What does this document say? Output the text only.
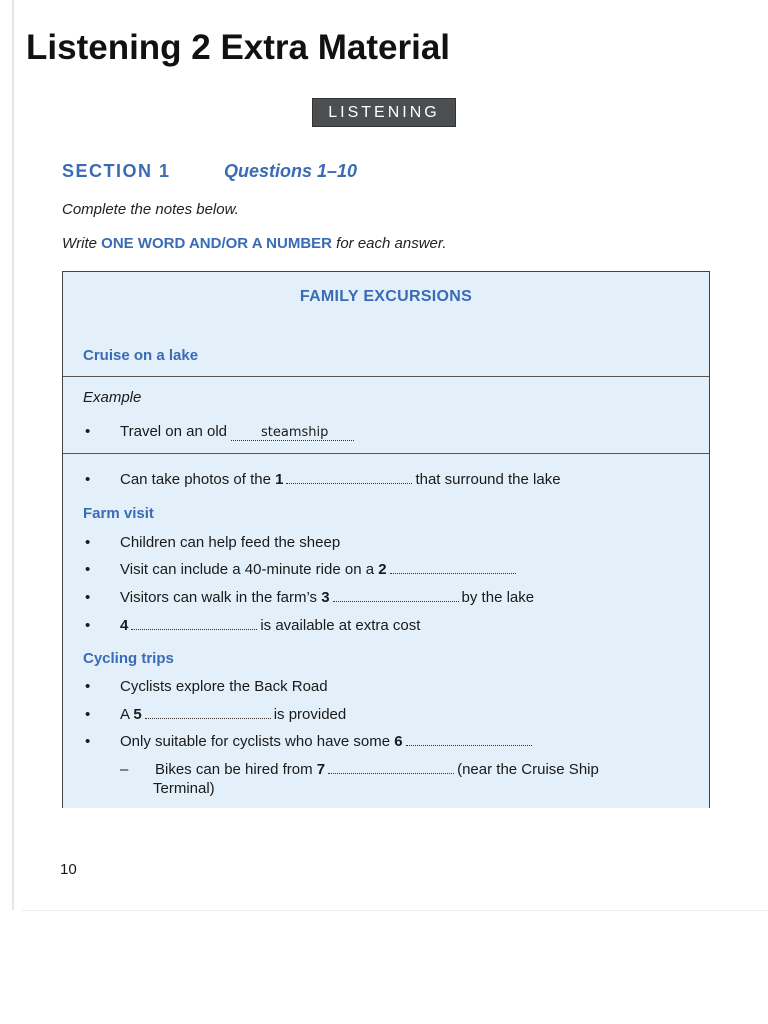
Listening 2 Extra Material
LISTENING
SECTION 1	Questions 1–10
Complete the notes below.
Write ONE WORD AND/OR A NUMBER for each answer.
FAMILY EXCURSIONS
Cruise on a lake
Example
• Travel on an old	steamship
• Can take photos of the 1	that surround the lake
Farm visit
• Children can help feed the sheep
• Visit can include a 40-minute ride on a 2
• Visitors can walk in the farm’s 3	by the lake
• 4	is available at extra cost
Cycling trips
• Cyclists explore the Back Road
• A 5	is provided
• Only suitable for cyclists who have some 6
– Bikes can be hired from 7	(near the Cruise Ship
Terminal)
10
